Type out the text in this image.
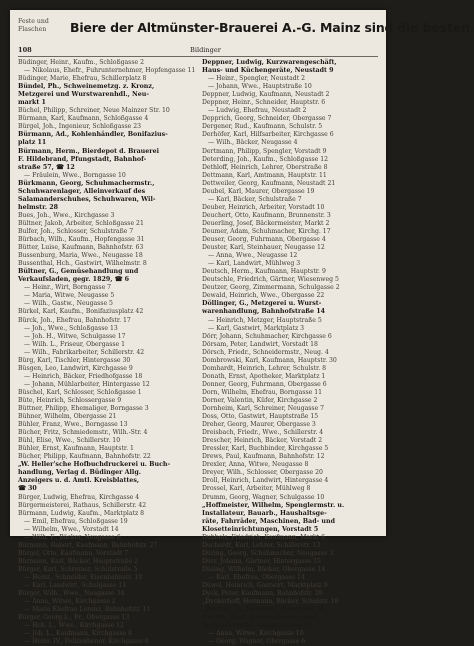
Feste und
Flaschen	Biere der Altmünster-Brauerei A.-G. Mainz sind die besten.
108	Bildinger
Büdinger, Heinr., Kaufm., Schloßgasse 2
— Nikolaus, Ehefr., Fuhrunternehmer, Hopfengasse 11
Büdinger, Marie, Ehefrau, Schillerplatz 8
Bündel, Ph., Schweinemetzg. z. Kronz,
Metzgerei und Wurstwarenhdl., Neu-
markt 1
Büchel, Philipp, Schreiner, Neue Mainzer Str. 10
Bürmann, Karl, Kaufmann, Schloßgasse 4
Bürgel, Joh., Ingenieur, Schloßgasse 23
Bürmann, Ad., Kohlenhändler, Bonifazius-
platz 11
Bürmann, Herm., Bierdepot d. Brauerei
F. Hildebrand, Pfungstadt, Bahnhof-
straße 57, ☎ 12
— Fräulein, Wwe., Borngasse 10
Bürkmann, Georg, Schuhmachermstr.,
Schuhwarenlager, Alleinverkauf des
Salamanderschuhes, Schuhwaren, Wil-
helmstr. 28
Bues, Joh., Wwe., Kirchgasse 3
Bültner, Jakob, Arbeiter, Schloßgasse 21
Bulfer, Joh., Schlosser, Schulstraße 7
Bürbach, Wilh., Kaufm., Hopfengasse 31
Bütter, Luise, Kaufmann, Bahnhofstr. 63
Bussenburg, Maria, Wwe., Neugasse 18
Bussenthal, Hch., Gastwirt, Wilhelmstr. 8
Bültner, G., Gemüsehandlung und
Verkaufsladen, gegr. 1829, ☎ 6
— Heinr., Wirt, Borngasse 7
— Maria, Witwe, Neugasse 5
— Wilh., Gastw., Neugasse 5
Bürkel, Karl, Kaufm., Bonifaziusplatz 42
Bürck, Joh., Ehefrau, Bahnhofstr. 17
— Joh., Wwe., Schloßgasse 13
— Joh. H., Witwe, Schulgasse 17
— Wilh. L., Friseur, Obergasse 1
— Wilh., Fabrikarbeiter, Schillerstr. 42
Bürg, Karl, Tischler, Hintergasse 30
Büsgen, Leo, Landwirt, Kirchgasse 9
— Heinrich, Bäcker, Friedhofgasse 18
— Johann, Mühlarbeiter, Hintergasse 12
Büschel, Karl, Schlosser, Schloßgasse 1
Büte, Heinrich, Schlossergasse 9
Büttner, Philipp, Ehemaliger, Borngasse 3
Bühner, Wilhelm, Obergasse 21
Bühler, Franz, Wwe., Borngasse 13
Bücher, Fritz, Schmiedemstr., Wilh.-Str. 4
Bühl, Elise, Wwe., Schillerstr. 10
Bühler, Ernst, Kaufmann, Hauptstr. 1
Bücher, Philipp, Kaufmann, Bahnhofstr. 22
„W. Heller'sche Hofbuchdruckerei u. Buch-
handlung, Verlag d. Büdinger Allg.
Anzeigers u. d. Amtl. Kreisblattes,
☎ 30
Bürger, Ludwig, Ehefrau, Kirchgasse 4
Bürgermeisterei, Rathaus, Schillerstr. 42
Bürmann, Ludwig, Kaufm., Marktplatz 8
— Emil, Ehefrau, Schloßgasse 19
— Wilhelm, Wwe., Vorstadt 14
— Wilh. F., Bäcker, Neugasse 6
Bürmann, Robert, Kaufmann, Bahnhofstr. 27
Bürgel, Otto, Kaufmann, Vorstadt 7
Bürmann, Karl, Bäcker, Hauptstraße 2
Bürger, Karl, Schreiner, Schulstraße 5
— Heinr., Schneider, Eisenbahnstr. 10
— Karl, Landwirt, Schulgasse 11
Bürger, Wilh., Wwe., Neugasse 34
— Anna, Witwe, Kirchgasse 2
— Maria Ehefrau Lorenz, Bahnhofstr. 11
Bürger, Georg L., Fr., Obergasse 13
— Hch. L., Wwe., Kirchgasse 12
— Joh. L., Kaufmann, Kirchgasse 8
— Heinr. IV., Polizeidiener, Kirchgasse 8
Deppner, Ludwig, Kurzwarengeschäft,
Haus- und Küchengeräte, Neustadt 9
— Heinr., Spengler, Neustadt 2
— Johann, Wwe., Hauptstraße 10
Deppner, Ludwig, Kaufmann, Neustadt 2
Deppner, Heinr., Schneider, Hauptstr. 6
— Ludwig, Ehefrau, Neustadt 2
Depprich, Georg, Schneider, Obergasse 7
Dergener, Rud., Kaufmann, Schulstr. 5
Derhöfer, Karl, Hilfsarbeiter, Kirchgasse 6
— Wilh., Bäcker, Neugasse 4
Dertmann, Philipp, Spengler, Vorstadt 9
Deterding, Joh., Kaufm., Schloßgasse 12
Dethloff, Heinrich, Lehrer, Oberstraße 8
Dettmann, Karl, Amtmann, Hauptstr. 11
Dettweiler, Georg, Kaufmann, Neustadt 21
Deubel, Karl, Maurer, Obergasse 19
— Karl, Bäcker, Schulstraße 7
Deuber, Heinrich, Arbeiter, Vorstadt 10
Deuchert, Otto, Kaufmann, Brunnenstr. 3
Deuerling, Josef, Bäckermeister, Markt 2
Deumer, Adam, Schuhmacher, Kirchg. 17
Deuser, Georg, Fuhrmann, Obergasse 4
Deuster, Karl, Steinhauer, Neugasse 12
— Anna, Wwe., Neugasse 12
— Karl, Landwirt, Mühlweg 3
Deutsch, Herm., Kaufmann, Hauptstr. 9
Deutschle, Friedrich, Gärtner, Wiesenweg 5
Deutzer, Georg, Zimmermann, Schulgasse 2
Dewald, Heinrich, Wwe., Obergasse 22
Döllinger, G., Metzgerei u. Wurst-
warenhandlung, Bahnhofstraße 14
— Heinrich, Metzger, Hauptstraße 5
— Karl, Gastwirt, Marktplatz 3
Dörr, Johann, Schuhmacher, Kirchgasse 6
Dörsam, Peter, Landwirt, Vorstadt 18
Dörsch, Friedr., Schneidermstr., Neug. 4
Dombrowski, Karl, Kaufmann, Hauptstr. 30
Domhardt, Heinrich, Lehrer, Schulstr. 8
Donath, Ernst, Apotheker, Marktplatz 1
Donner, Georg, Fuhrmann, Obergasse 6
Dorn, Wilhelm, Ehefrau, Borngasse 11
Dorner, Valentin, Küfer, Kirchgasse 2
Dornheim, Karl, Schreiner, Neugasse 7
Doss, Otto, Gastwirt, Hauptstraße 15
Dreher, Georg, Maurer, Obergasse 3
Dreisbach, Friedr., Wwe., Schillerstr. 4
Drescher, Heinrich, Bäcker, Vorstadt 2
Dressler, Karl, Buchbinder, Kirchgasse 5
Drews, Paul, Kaufmann, Bahnhofstr. 12
Drexler, Anna, Witwe, Neugasse 8
Dreyer, Wilh., Schlosser, Obergasse 20
Droll, Heinrich, Landwirt, Hintergasse 4
Drossel, Karl, Arbeiter, Mühlweg 8
Drumm, Georg, Wagner, Schulgasse 10
„Hoffmeister, Wilhelm, Spenglermstr. u.
Installateur, Bauarb., Haushaltsge-
räte, Fahrräder, Maschinen, Bad- und
Klosetteinrichtungen, Vorstadt 5
Dubbels, Friedrich, Kaufmann, Markt 6
Duchardt, Karl, Lehrer, Schillerstr. 13
Düring, Georg, Schuhmacher, Neugasse 3
Dürr, Johann, Gärtner, Hintergasse 15
Düsing, Wilhelm, Bäcker, Obergasse 14
— Karl, Ehefrau, Obergasse 14
Düwel, Heinrich, Gastwirt, Marktplatz 9
Dyck, Peter, Kaufmann, Bahnhofstr. 20
„Dyckerhoff, Hermann, Bäcker, Schulstr. 18
„Backel, G., Bäckerei, Neustadt 16
Bürkle, Karl, Kolonialwaren und
Verkaufsstelle, Hauptstraße 26
— Anna, Witwe, Kirchgasse 10
— Georg, Wagner, Obergasse 6
